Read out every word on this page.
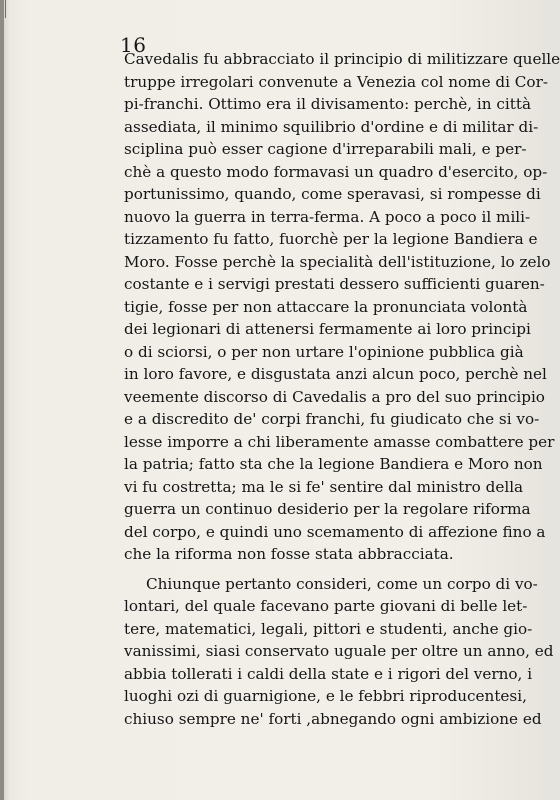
16
Cavedalis fu abbracciato il principio di militizzare quelle
truppe irregolari convenute a Venezia col nome di Cor-
pi-franchi. Ottimo era il divisamento: perchè, in città
assediata, il minimo squilibrio d'ordine e di militar di-
sciplina può esser cagione d'irreparabili mali, e per-
chè a questo modo formavasi un quadro d'esercito, op-
portunissimo, quando, come speravasi, si rompesse di
nuovo la guerra in terra-ferma. A poco a poco il mili-
tizzamento fu fatto, fuorchè per la legione Bandiera e
Moro. Fosse perchè la specialità dell'istituzione, lo zelo
costante e i servigi prestati dessero sufficienti guaren-
tigie, fosse per non attaccare la pronunciata volontà
dei legionari di attenersi fermamente ai loro principi
o di sciorsi, o per non urtare l'opinione pubblica già
in loro favore, e disgustata anzi alcun poco, perchè nel
veemente discorso di Cavedalis a pro del suo principio
e a discredito de' corpi franchi, fu giudicato che si vo-
lesse imporre a chi liberamente amasse combattere per
la patria; fatto sta che la legione Bandiera e Moro non
vi fu costretta; ma le si fe' sentire dal ministro della
guerra un continuo desiderio per la regolare riforma
del corpo, e quindi uno scemamento di affezione fino a
che la riforma non fosse stata abbracciata.
Chiunque pertanto consideri, come un corpo di vo-
lontari, del quale facevano parte giovani di belle let-
tere, matematici, legali, pittori e studenti, anche gio-
vanissimi, siasi conservato uguale per oltre un anno, ed
abbia tollerati i caldi della state e i rigori del verno, i
luoghi ozi di guarnigione, e le febbri riproducentesi,
chiuso sempre ne' forti ,abnegando ogni ambizione ed
